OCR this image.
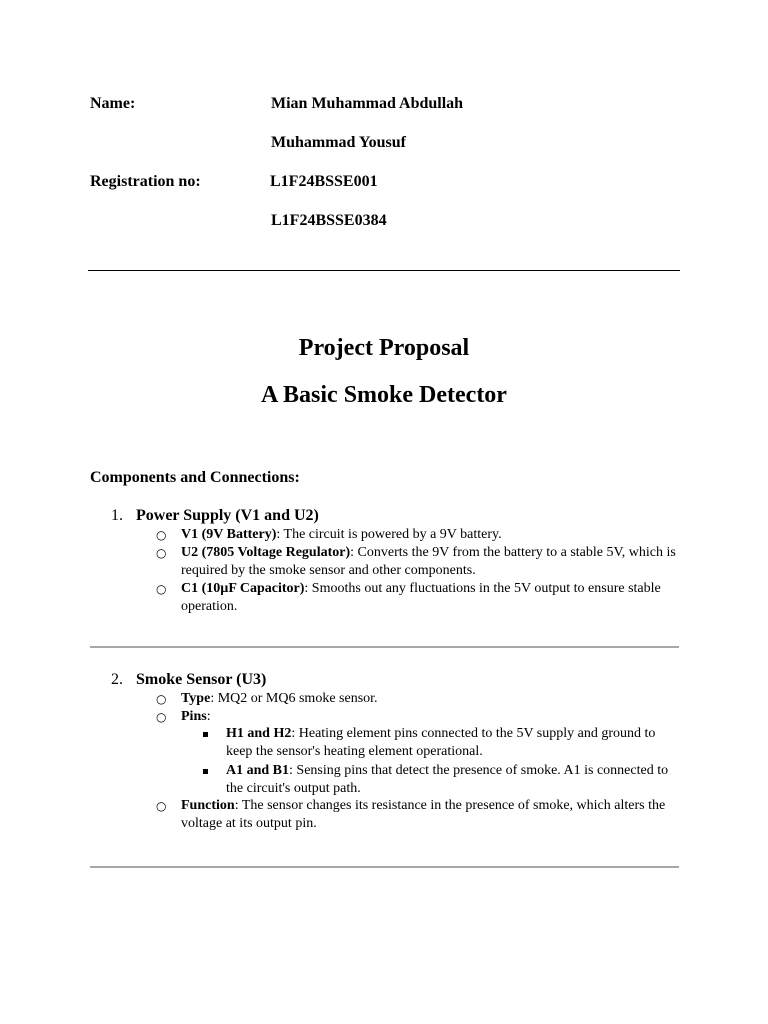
Name:	Mian Muhammad Abdullah
Muhammad Yousuf
Registration no:	L1F24BSSE001
L1F24BSSE0384
Project Proposal
A Basic Smoke Detector
Components and Connections:
1. Power Supply (V1 and U2)
○ V1 (9V Battery): The circuit is powered by a 9V battery.
○ U2 (7805 Voltage Regulator): Converts the 9V from the battery to a stable 5V, which is required by the smoke sensor and other components.
○ C1 (10µF Capacitor): Smooths out any fluctuations in the 5V output to ensure stable operation.
2. Smoke Sensor (U3)
○ Type: MQ2 or MQ6 smoke sensor.
○ Pins:
H1 and H2: Heating element pins connected to the 5V supply and ground to keep the sensor's heating element operational.
A1 and B1: Sensing pins that detect the presence of smoke. A1 is connected to the circuit's output path.
○ Function: The sensor changes its resistance in the presence of smoke, which alters the voltage at its output pin.
